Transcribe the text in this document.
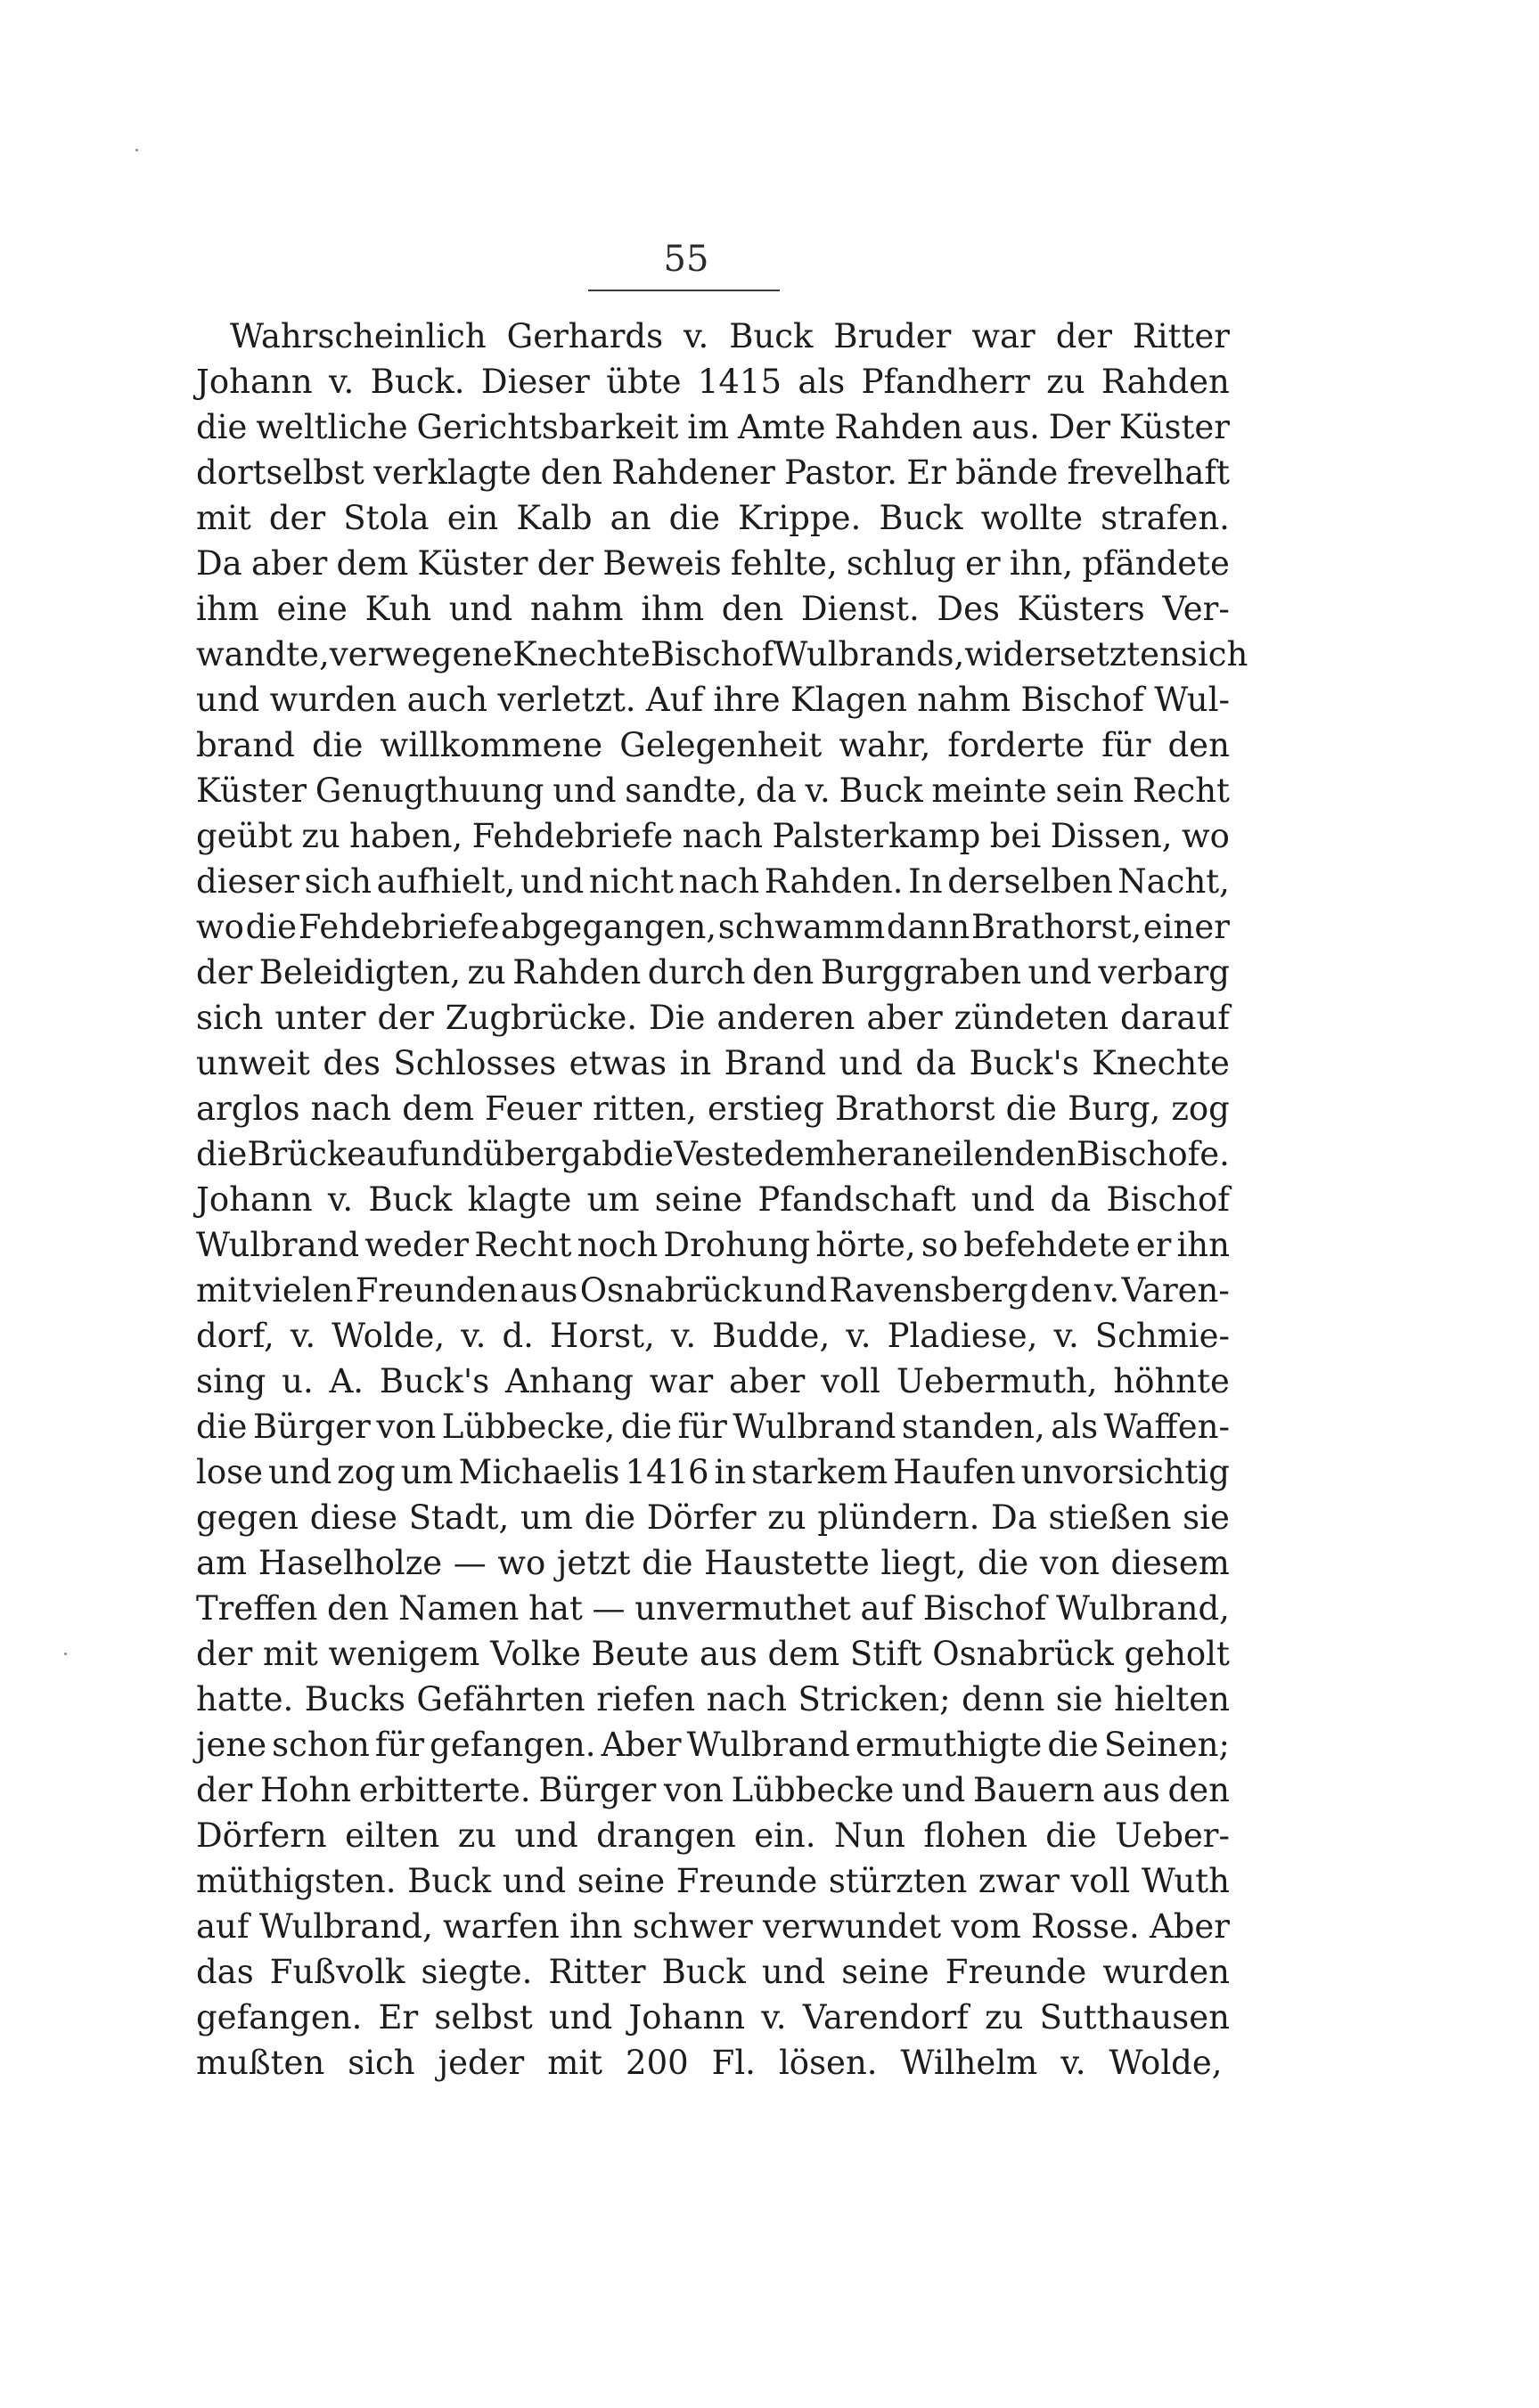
55
Wahrscheinlich Gerhards v. Buck Bruder war der Ritter
Johann v. Buck. Dieser übte 1415 als Pfandherr zu Rahden
die weltliche Gerichtsbarkeit im Amte Rahden aus. Der Küster
dortselbst verklagte den Rahdener Pastor. Er bände frevelhaft
mit der Stola ein Kalb an die Krippe. Buck wollte strafen.
Da aber dem Küster der Beweis fehlte, schlug er ihn, pfändete
ihm eine Kuh und nahm ihm den Dienst. Des Küsters Ver-
wandte, verwegene Knechte Bischof Wulbrands, widersetzten sich
und wurden auch verletzt. Auf ihre Klagen nahm Bischof Wul-
brand die willkommene Gelegenheit wahr, forderte für den
Küster Genugthuung und sandte, da v. Buck meinte sein Recht
geübt zu haben, Fehdebriefe nach Palsterkamp bei Dissen, wo
dieser sich aufhielt, und nicht nach Rahden. In derselben Nacht,
wo die Fehdebriefe abgegangen, schwamm dann Brathorst, einer
der Beleidigten, zu Rahden durch den Burggraben und verbarg
sich unter der Zugbrücke. Die anderen aber zündeten darauf
unweit des Schlosses etwas in Brand und da Buck's Knechte
arglos nach dem Feuer ritten, erstieg Brathorst die Burg, zog
die Brücke auf und übergab die Veste dem heraneilenden Bischofe.
Johann v. Buck klagte um seine Pfandschaft und da Bischof
Wulbrand weder Recht noch Drohung hörte, so befehdete er ihn
mit vielen Freunden aus Osnabrück und Ravensberg den v. Varen-
dorf, v. Wolde, v. d. Horst, v. Budde, v. Pladiese, v. Schmie-
sing u. A. Buck's Anhang war aber voll Uebermuth, höhnte
die Bürger von Lübbecke, die für Wulbrand standen, als Waffen-
lose und zog um Michaelis 1416 in starkem Haufen unvorsichtig
gegen diese Stadt, um die Dörfer zu plündern. Da stießen sie
am Haselholze — wo jetzt die Haustette liegt, die von diesem
Treffen den Namen hat — unvermuthet auf Bischof Wulbrand,
der mit wenigem Volke Beute aus dem Stift Osnabrück geholt
hatte. Bucks Gefährten riefen nach Stricken; denn sie hielten
jene schon für gefangen. Aber Wulbrand ermuthigte die Seinen;
der Hohn erbitterte. Bürger von Lübbecke und Bauern aus den
Dörfern eilten zu und drangen ein. Nun flohen die Ueber-
müthigsten. Buck und seine Freunde stürzten zwar voll Wuth
auf Wulbrand, warfen ihn schwer verwundet vom Rosse. Aber
das Fußvolk siegte. Ritter Buck und seine Freunde wurden
gefangen. Er selbst und Johann v. Varendorf zu Sutthausen
mußten sich jeder mit 200 Fl. lösen. Wilhelm v. Wolde,
